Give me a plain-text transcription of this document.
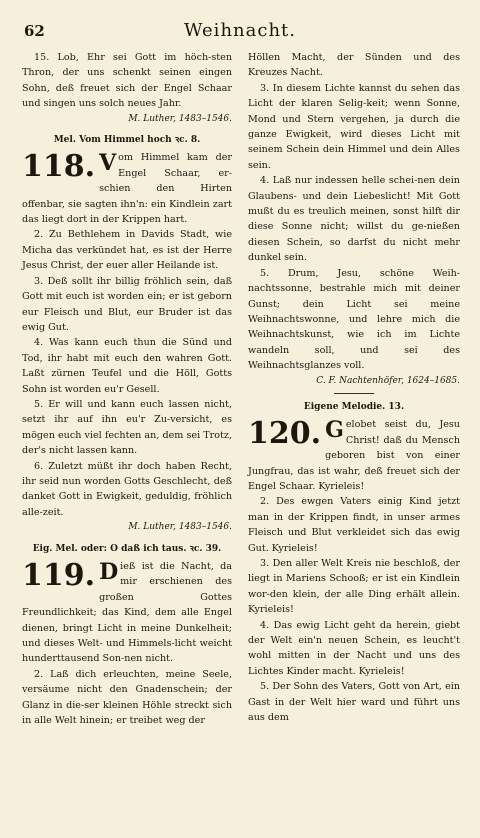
62	Weihnacht.

15. Lob, Ehr sei Gott im höch-sten Thron, der uns schenkt seinen eingen Sohn, deß freuet sich der Engel Schaar und singen uns solch neues Jahr.

M. Luther, 1483–1546.

Mel. Vom Himmel hoch ꝛc. 8.

118. V om Himmel kam der Engel Schaar, er-schien den Hirten offenbar, sie sagten ihn'n: ein Kindlein zart das liegt dort in der Krippen hart.

2. Zu Bethlehem in Davids Stadt, wie Micha das verkündet hat, es ist der Herre Jesus Christ, der euer aller Heilande ist.

3. Deß sollt ihr billig fröhlich sein, daß Gott mit euch ist worden ein; er ist geborn eur Fleisch und Blut, eur Bruder ist das ewig Gut.

4. Was kann euch thun die Sünd und Tod, ihr habt mit euch den wahren Gott. Laßt zürnen Teufel und die Höll, Gotts Sohn ist worden eu'r Gesell.

5. Er will und kann euch lassen nicht, setzt ihr auf ihn eu'r Zu-versicht, es mögen euch viel fechten an, dem sei Trotz, der's nicht lassen kann.

6. Zuletzt müßt ihr doch haben Recht, ihr seid nun worden Gotts Geschlecht, deß danket Gott in Ewigkeit, geduldig, fröhlich alle-zeit.

M. Luther, 1483–1546.

Eig. Mel. oder: O daß ich taus. ꝛc. 39.

119. D ieß ist die Nacht, da mir erschienen des großen Gottes Freundlichkeit; das Kind, dem alle Engel dienen, bringt Licht in meine Dunkelheit; und dieses Welt- und Himmels-licht weicht hunderttausend Son-nen nicht.

2. Laß dich erleuchten, meine Seele, versäume nicht den Gnadenschein; der Glanz in die-ser kleinen Höhle streckt sich in alle Welt hinein; er treibet weg der

Höllen Macht, der Sünden und des Kreuzes Nacht.

3. In diesem Lichte kannst du sehen das Licht der klaren Selig-keit; wenn Sonne, Mond und Stern vergehen, ja durch die ganze Ewigkeit, wird dieses Licht mit seinem Schein dein Himmel und dein Alles sein.

4. Laß nur indessen helle schei-nen dein Glaubens- und dein Liebeslicht! Mit Gott mußt du es treulich meinen, sonst hilft dir diese Sonne nicht; willst du ge-nießen diesen Schein, so darfst du nicht mehr dunkel sein.

5. Drum, Jesu, schöne Weih-nachtssonne, bestrahle mich mit deiner Gunst; dein Licht sei meine Weihnachtswonne, und lehre mich die Weihnachtskunst, wie ich im Lichte wandeln soll, und sei des Weihnachtsglanzes voll.

C. F. Nachtenhöfer, 1624–1685.

Eigene Melodie. 13.

120. G elobet seist du, Jesu Christ! daß du Mensch geboren bist von einer Jungfrau, das ist wahr, deß freuet sich der Engel Schaar. Kyrieleis!

2. Des ewgen Vaters einig Kind jetzt man in der Krippen findt, in unser armes Fleisch und Blut verkleidet sich das ewig Gut. Kyrieleis!

3. Den aller Welt Kreis nie beschloß, der liegt in Mariens Schooß; er ist ein Kindlein wor-den klein, der alle Ding erhält allein. Kyrieleis!

4. Das ewig Licht geht da herein, giebt der Welt ein'n neuen Schein, es leucht't wohl mitten in der Nacht und uns des Lichtes Kinder macht. Kyrieleis!

5. Der Sohn des Vaters, Gott von Art, ein Gast in der Welt hier ward und führt uns aus dem
